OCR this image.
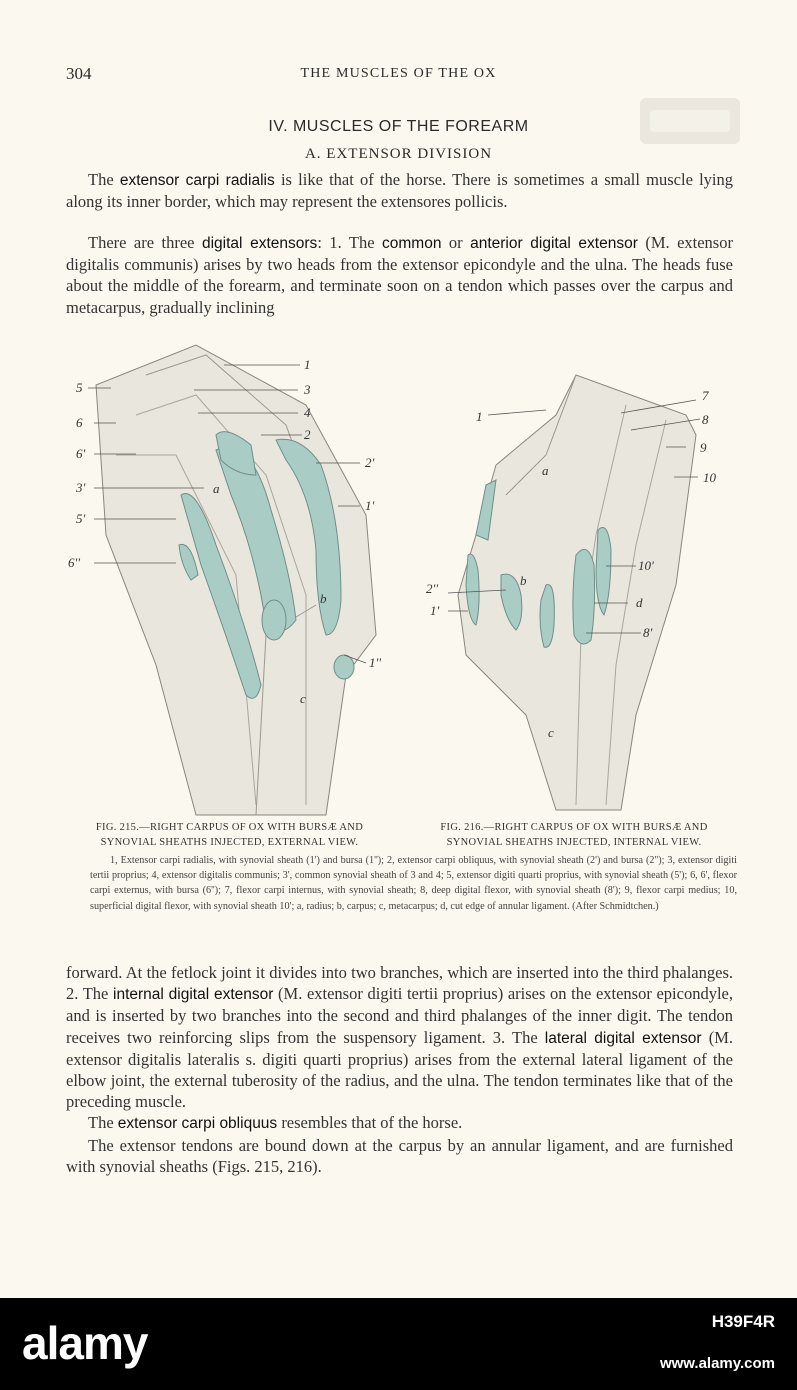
304	THE MUSCLES OF THE OX
IV. MUSCLES OF THE FOREARM
A. EXTENSOR DIVISION
The extensor carpi radialis is like that of the horse. There is sometimes a small muscle lying along its inner border, which may represent the extensores pollicis.
There are three digital extensors: 1. The common or anterior digital extensor (M. extensor digitalis communis) arises by two heads from the extensor epicondyle and the ulna. The heads fuse about the middle of the forearm, and terminate soon on a tendon which passes over the carpus and metacarpus, gradually inclining
1
3
4
2
2'
1'
b
1''
a
c
5
6
6'
3'
5'
6''
1
a
7
8
9
10
10'
d
8'
2''
1'
b
c
FIG. 215.—RIGHT CARPUS OF OX WITH BURSÆ AND
SYNOVIAL SHEATHS INJECTED, EXTERNAL VIEW.
FIG. 216.—RIGHT CARPUS OF OX WITH BURSÆ AND
SYNOVIAL SHEATHS INJECTED, INTERNAL VIEW.
1, Extensor carpi radialis, with synovial sheath (1') and bursa (1''); 2, extensor carpi obliquus, with synovial sheath (2') and bursa (2''); 3, extensor digiti tertii proprius; 4, extensor digitalis communis; 3', common synovial sheath of 3 and 4; 5, extensor digiti quarti proprius, with synovial sheath (5'); 6, 6', flexor carpi externus, with bursa (6''); 7, flexor carpi internus, with synovial sheath; 8, deep digital flexor, with synovial sheath (8'); 9, flexor carpi medius; 10, superficial digital flexor, with synovial sheath 10'; a, radius; b, carpus; c, metacarpus; d, cut edge of annular ligament. (After Schmidtchen.)
forward. At the fetlock joint it divides into two branches, which are inserted into the third phalanges. 2. The internal digital extensor (M. extensor digiti tertii proprius) arises on the extensor epicondyle, and is inserted by two branches into the second and third phalanges of the inner digit. The tendon receives two reinforcing slips from the suspensory ligament. 3. The lateral digital extensor (M. extensor digitalis lateralis s. digiti quarti proprius) arises from the external lateral ligament of the elbow joint, the external tuberosity of the radius, and the ulna. The tendon terminates like that of the preceding muscle.
The extensor carpi obliquus resembles that of the horse.
The extensor tendons are bound down at the carpus by an annular ligament, and are furnished with synovial sheaths (Figs. 215, 216).
alamy	H39F4R
www.alamy.com
